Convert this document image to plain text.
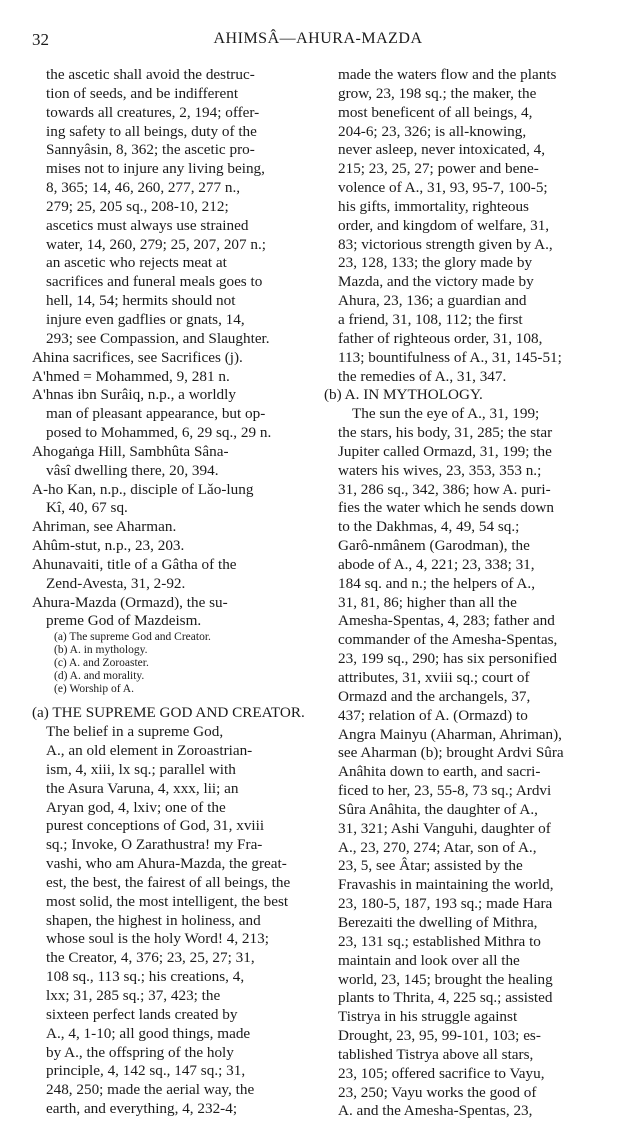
32	AHIMSÂ—AHURA-MAZDA
the ascetic shall avoid the destruc-
tion of seeds, and be indifferent
towards all creatures, 2, 194; offer-
ing safety to all beings, duty of the
Sannyâsin, 8, 362; the ascetic pro-
mises not to injure any living being,
8, 365; 14, 46, 260, 277, 277 n.,
279; 25, 205 sq., 208-10, 212;
ascetics must always use strained
water, 14, 260, 279; 25, 207, 207 n.;
an ascetic who rejects meat at
sacrifices and funeral meals goes to
hell, 14, 54; hermits should not
injure even gadflies or gnats, 14,
293; see Compassion, and Slaughter.
Ahina sacrifices, see Sacrifices (j).
A'hmed = Mohammed, 9, 281 n.
A'hnas ibn Surâiq, n.p., a worldly
man of pleasant appearance, but op-
posed to Mohammed, 6, 29 sq., 29 n.
Ahogaṅga Hill, Sambhûta Sâna-
vâsî dwelling there, 20, 394.
A-ho Kan, n.p., disciple of Lǎo-lung
Kî, 40, 67 sq.
Ahriman, see Aharman.
Ahûm-stut, n.p., 23, 203.
Ahunavaiti, title of a Gâtha of the
Zend-Avesta, 31, 2-92.
Ahura-Mazda (Ormazd), the su-
preme God of Mazdeism.
(a) The supreme God and Creator.
(b) A. in mythology.
(c) A. and Zoroaster.
(d) A. and morality.
(e) Worship of A.
(a) THE SUPREME GOD AND CREATOR.
The belief in a supreme God,
A., an old element in Zoroastrian-
ism, 4, xiii, lx sq.; parallel with
the Asura Varuna, 4, xxx, lii; an
Aryan god, 4, lxiv; one of the
purest conceptions of God, 31, xviii
sq.; Invoke, O Zarathustra! my Fra-
vashi, who am Ahura-Mazda, the great-
est, the best, the fairest of all beings, the
most solid, the most intelligent, the best
shapen, the highest in holiness, and
whose soul is the holy Word! 4, 213;
the Creator, 4, 376; 23, 25, 27; 31,
108 sq., 113 sq.; his creations, 4,
lxx; 31, 285 sq.; 37, 423; the
sixteen perfect lands created by
A., 4, 1-10; all good things, made
by A., the offspring of the holy
principle, 4, 142 sq., 147 sq.; 31,
248, 250; made the aerial way, the
earth, and everything, 4, 232-4;
made the waters flow and the plants
grow, 23, 198 sq.; the maker, the
most beneficent of all beings, 4,
204-6; 23, 326; is all-knowing,
never asleep, never intoxicated, 4,
215; 23, 25, 27; power and bene-
volence of A., 31, 93, 95-7, 100-5;
his gifts, immortality, righteous
order, and kingdom of welfare, 31,
83; victorious strength given by A.,
23, 128, 133; the glory made by
Mazda, and the victory made by
Ahura, 23, 136; a guardian and
a friend, 31, 108, 112; the first
father of righteous order, 31, 108,
113; bountifulness of A., 31, 145-51;
the remedies of A., 31, 347.
(b) A. IN MYTHOLOGY.
The sun the eye of A., 31, 199;
the stars, his body, 31, 285; the star
Jupiter called Ormazd, 31, 199; the
waters his wives, 23, 353, 353 n.;
31, 286 sq., 342, 386; how A. puri-
fies the water which he sends down
to the Dakhmas, 4, 49, 54 sq.;
Garô-nmânem (Garodman), the
abode of A., 4, 221; 23, 338; 31,
184 sq. and n.; the helpers of A.,
31, 81, 86; higher than all the
Amesha-Spentas, 4, 283; father and
commander of the Amesha-Spentas,
23, 199 sq., 290; has six personified
attributes, 31, xviii sq.; court of
Ormazd and the archangels, 37,
437; relation of A. (Ormazd) to
Angra Mainyu (Aharman, Ahriman),
see Aharman (b); brought Ardvi Sûra
Anâhita down to earth, and sacri-
ficed to her, 23, 55-8, 73 sq.; Ardvi
Sûra Anâhita, the daughter of A.,
31, 321; Ashi Vanguhi, daughter of
A., 23, 270, 274; Atar, son of A.,
23, 5, see Âtar; assisted by the
Fravashis in maintaining the world,
23, 180-5, 187, 193 sq.; made Hara
Berezaiti the dwelling of Mithra,
23, 131 sq.; established Mithra to
maintain and look over all the
world, 23, 145; brought the healing
plants to Thrita, 4, 225 sq.; assisted
Tistrya in his struggle against
Drought, 23, 95, 99-101, 103; es-
tablished Tistrya above all stars,
23, 105; offered sacrifice to Vayu,
23, 250; Vayu works the good of
A. and the Amesha-Spentas, 23,
